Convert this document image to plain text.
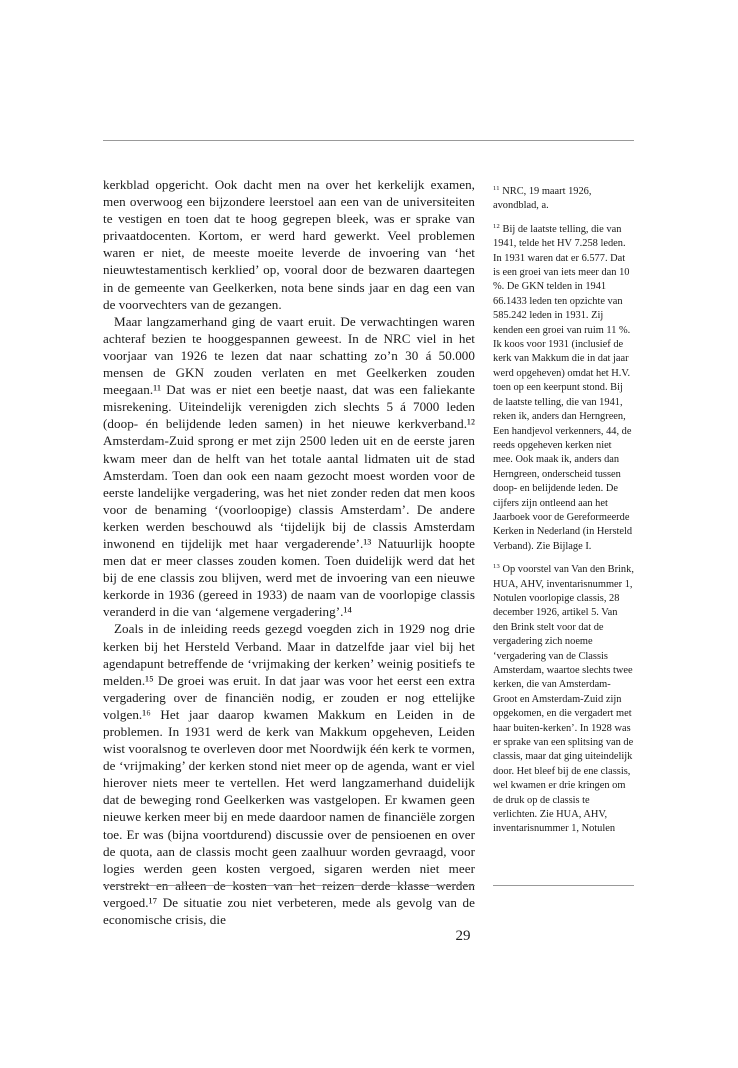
kerkblad opgericht. Ook dacht men na over het kerkelijk examen, men overwoog een bijzondere leerstoel aan een van de universiteiten te vestigen en toen dat te hoog gegrepen bleek, was er sprake van privaatdocenten. Kortom, er werd hard gewerkt. Veel problemen waren er niet, de meeste moeite leverde de invoering van ‘het nieuwtestamentisch kerklied’ op, vooral door de bezwaren daartegen in de gemeente van Geelkerken, nota bene sinds jaar en dag een van de voorvechters van de gezangen.

Maar langzamerhand ging de vaart eruit. De verwachtingen waren achteraf bezien te hooggespannen geweest. In de NRC viel in het voorjaar van 1926 te lezen dat naar schatting zo’n 30 á 50.000 mensen de GKN zouden verlaten en met Geelkerken zouden meegaan.¹¹ Dat was er niet een beetje naast, dat was een faliekante misrekening. Uiteindelijk verenigden zich slechts 5 á 7000 leden (doop- én belijdende leden samen) in het nieuwe kerkverband.¹² Amsterdam-Zuid sprong er met zijn 2500 leden uit en de eerste jaren kwam meer dan de helft van het totale aantal lidmaten uit de stad Amsterdam. Toen dan ook een naam gezocht moest worden voor de eerste landelijke vergadering, was het niet zonder reden dat men koos voor de benaming ‘(voorloopige) classis Amsterdam’. De andere kerken werden beschouwd als ‘tijdelijk bij de classis Amsterdam inwonend en tijdelijk met haar vergaderende’.¹³ Natuurlijk hoopte men dat er meer classes zouden komen. Toen duidelijk werd dat het bij de ene classis zou blijven, werd met de invoering van een nieuwe kerkorde in 1936 (gereed in 1933) de naam van de voorlopige classis veranderd in die van ‘algemene vergadering’.¹⁴

Zoals in de inleiding reeds gezegd voegden zich in 1929 nog drie kerken bij het Hersteld Verband. Maar in datzelfde jaar viel bij het agendapunt betreffende de ‘vrijmaking der kerken’ weinig positiefs te melden.¹⁵ De groei was eruit. In dat jaar was voor het eerst een extra vergadering over de financiën nodig, er zouden er nog ettelijke volgen.¹⁶ Het jaar daarop kwamen Makkum en Leiden in de problemen. In 1931 werd de kerk van Makkum opgeheven, Leiden wist vooralsnog te overleven door met Noordwijk één kerk te vormen, de ‘vrijmaking’ der kerken stond niet meer op de agenda, want er viel hierover niets meer te vertellen. Het werd langzamerhand duidelijk dat de beweging rond Geelkerken was vastgelopen. Er kwamen geen nieuwe kerken meer bij en mede daardoor namen de financiële zorgen toe. Er was (bijna voortdurend) discussie over de pensioenen en over de quota, aan de classis mocht geen zaalhuur worden gevraagd, voor logies werden geen kosten vergoed, sigaren werden niet meer verstrekt en alleen de kosten van het reizen derde klasse werden vergoed.¹⁷ De situatie zou niet verbeteren, mede als gevolg van de economische crisis, die

$^{11}$ NRC, 19 maart 1926, avondblad, a.
$^{12}$ Bij de laatste telling, die van 1941, telde het HV 7.258 leden. In 1931 waren dat er 6.577. Dat is een groei van iets meer dan 10 %. De GKN telden in 1941 66.1433 leden ten opzichte van 585.242 leden in 1931. Zij kenden een groei van ruim 11 %. Ik koos voor 1931 (inclusief de kerk van Makkum die in dat jaar werd opgeheven) omdat het H.V. toen op een keerpunt stond. Bij de laatste telling, die van 1941, reken ik, anders dan Herngreen, Een handjevol verkenners, 44, de reeds opgeheven kerken niet mee. Ook maak ik, anders dan Herngreen, onderscheid tussen doop- en belijdende leden. De cijfers zijn ontleend aan het Jaarboek voor de Gereformeerde Kerken in Nederland (in Hersteld Verband). Zie Bijlage I.
$^{13}$ Op voorstel van Van den Brink, HUA, AHV, inventarisnummer 1, Notulen voorlopige classis, 28 december 1926, artikel 5. Van den Brink stelt voor dat de vergadering zich noeme ‘vergadering van de Classis Amsterdam, waartoe slechts twee kerken, die van Amsterdam-Groot en Amsterdam-Zuid zijn opgekomen, en die vergadert met haar buiten-kerken’. In 1928 was er sprake van een splitsing van de classis, maar dat ging uiteindelijk door. Het bleef bij de ene classis, wel kwamen er drie kringen om de druk op de classis te verlichten. Zie HUA, AHV, inventarisnummer 1, Notulen
29
